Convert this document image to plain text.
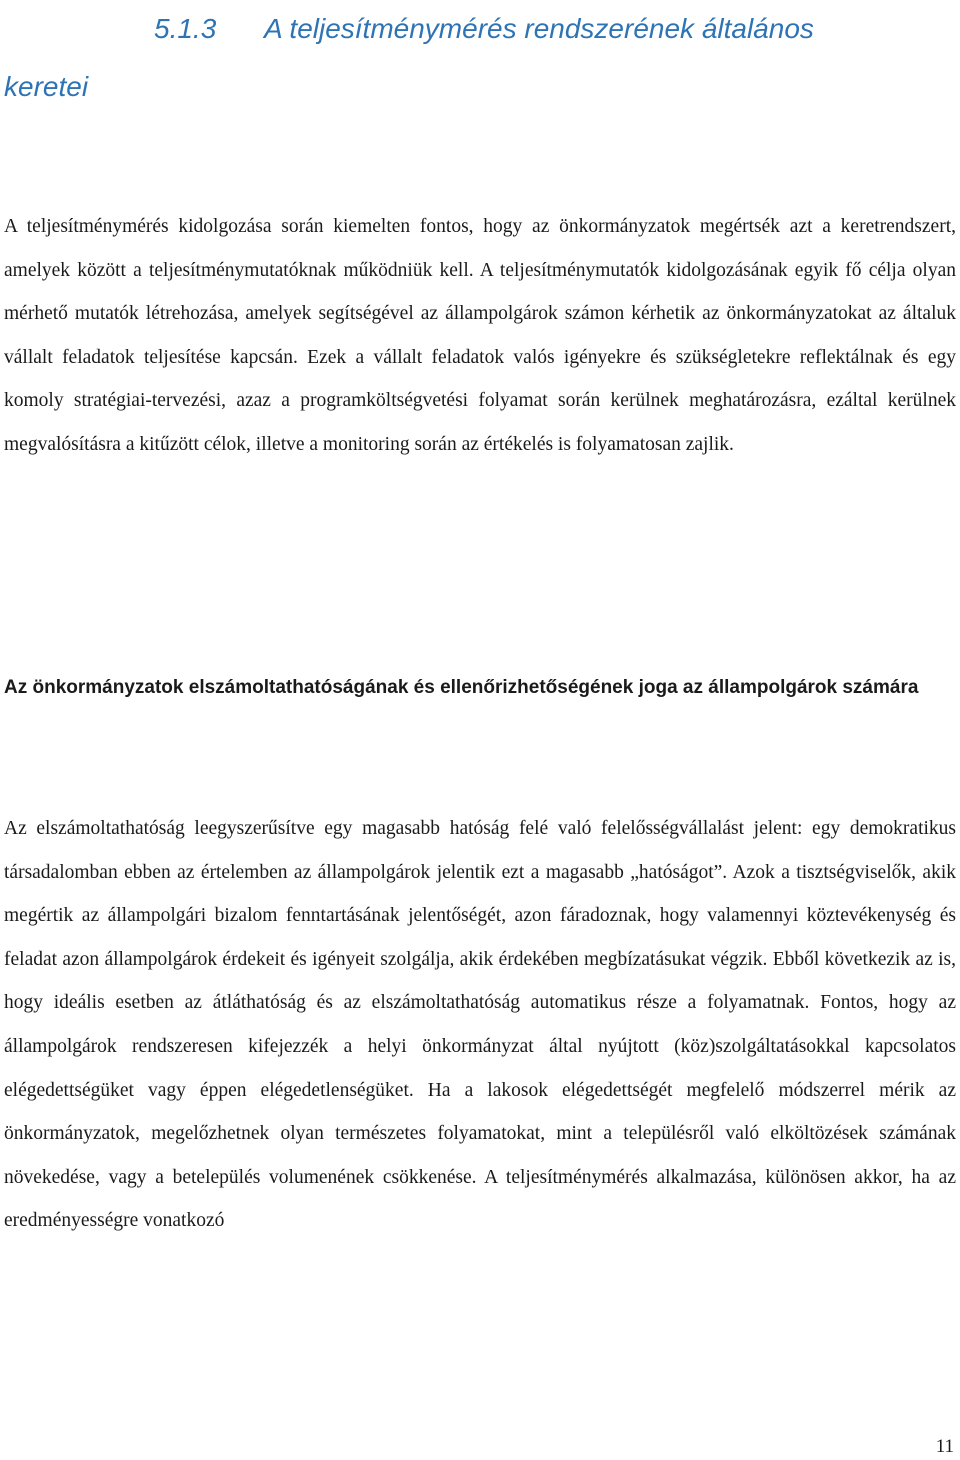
5.1.3 A teljesítménymérés rendszerének általános
keretei

A teljesítménymérés kidolgozása során kiemelten fontos, hogy az önkormányzatok megértsék azt a keretrendszert, amelyek között a teljesítménymutatóknak működniük kell. A teljesítménymutatók kidolgozásának egyik fő célja olyan mérhető mutatók létrehozása, amelyek segítségével az állampolgárok számon kérhetik az önkormányzatokat az általuk vállalt feladatok teljesítése kapcsán. Ezek a vállalt feladatok valós igényekre és szükségletekre reflektálnak és egy komoly stratégiai-tervezési, azaz a programköltségvetési folyamat során kerülnek meghatározásra, ezáltal kerülnek megvalósításra a kitűzött célok, illetve a monitoring során az értékelés is folyamatosan zajlik.

Az önkormányzatok elszámoltathatóságának és ellenőrizhetőségének joga az állampolgárok számára

Az elszámoltathatóság leegyszerűsítve egy magasabb hatóság felé való felelősségvállalást jelent: egy demokratikus társadalomban ebben az értelemben az állampolgárok jelentik ezt a magasabb „hatóságot”. Azok a tisztségviselők, akik megértik az állampolgári bizalom fenntartásának jelentőségét, azon fáradoznak, hogy valamennyi köztevékenység és feladat azon állampolgárok érdekeit és igényeit szolgálja, akik érdekében megbízatásukat végzik. Ebből következik az is, hogy ideális esetben az átláthatóság és az elszámoltathatóság automatikus része a folyamatnak. Fontos, hogy az állampolgárok rendszeresen kifejezzék a helyi önkormányzat által nyújtott (köz)szolgáltatásokkal kapcsolatos elégedettségüket vagy éppen elégedetlenségüket. Ha a lakosok elégedettségét megfelelő módszerrel mérik az önkormányzatok, megelőzhetnek olyan természetes folyamatokat, mint a településről való elköltözések számának növekedése, vagy a betelepülés volumenének csökkenése. A teljesítménymérés alkalmazása, különösen akkor, ha az eredményességre vonatkozó

11
